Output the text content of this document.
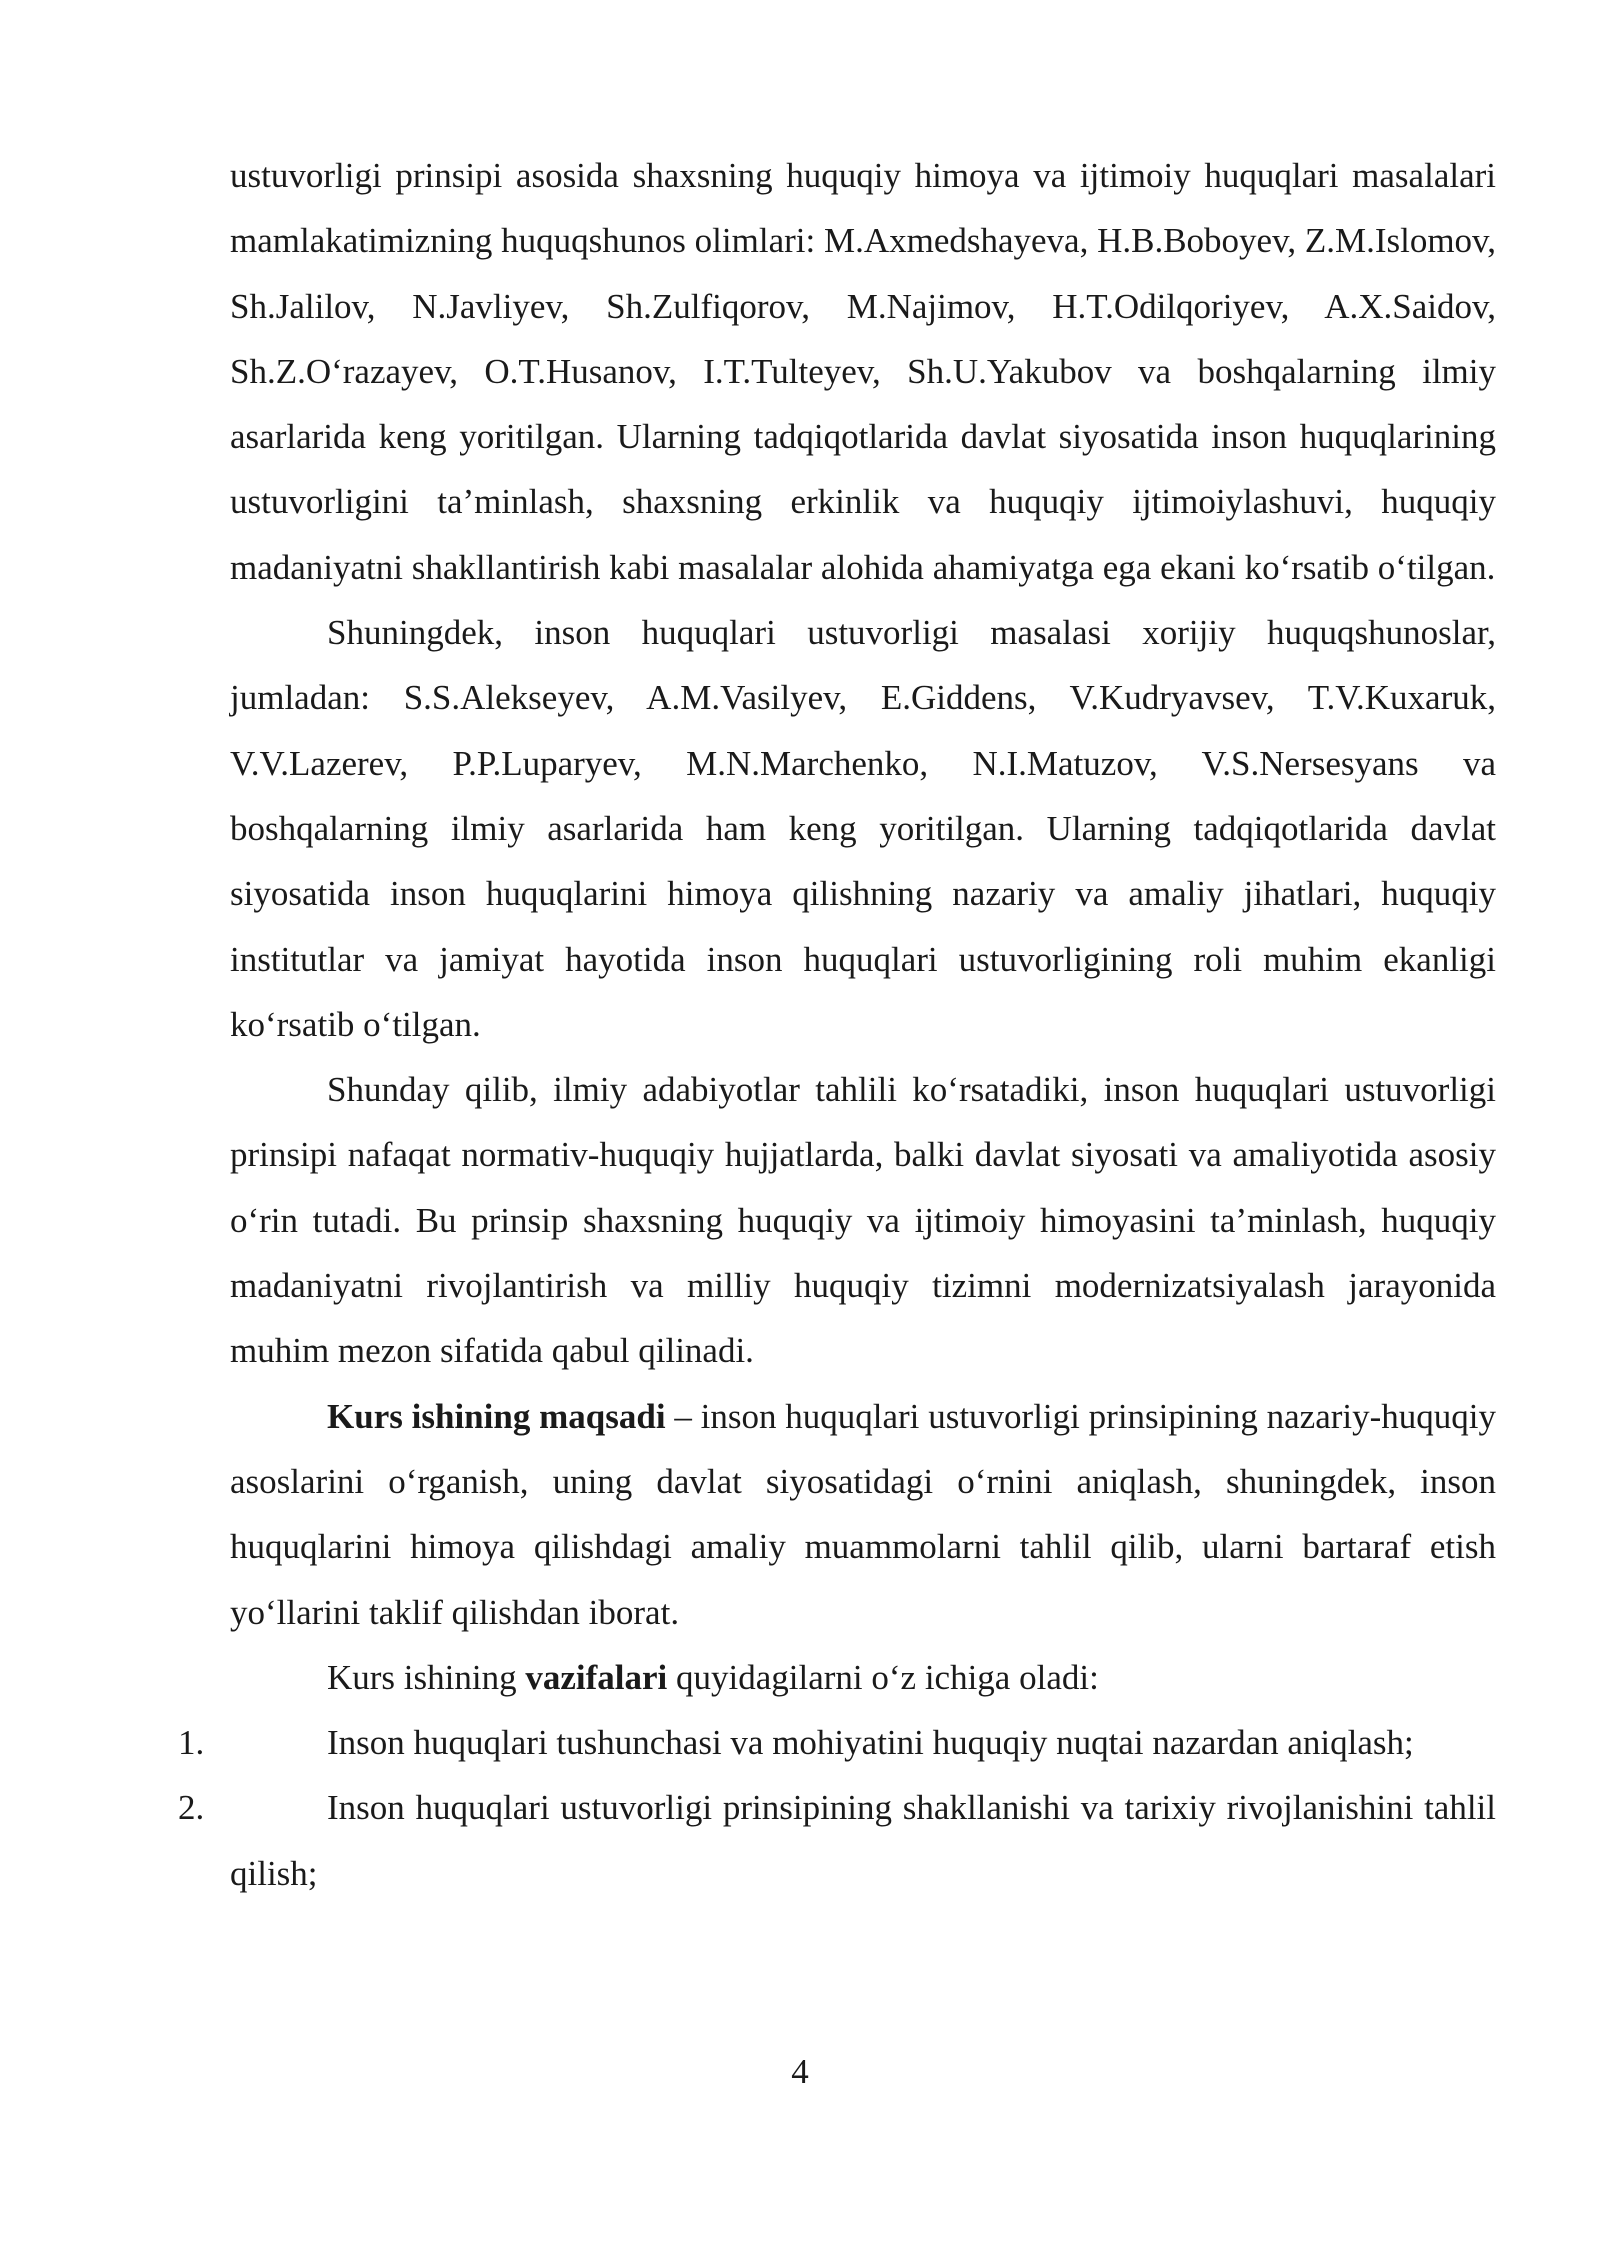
ustuvorligi prinsipi asosida shaxsning huquqiy himoya va ijtimoiy huquqlari masalalari mamlakatimizning huquqshunos olimlari: M.Axmedshayeva, H.B.Boboyev, Z.M.Islomov, Sh.Jalilov, N.Javliyev, Sh.Zulfiqorov, M.Najimov, H.T.Odilqoriyev, A.X.Saidov, Sh.Z.O‘razayev, O.T.Husanov, I.T.Tulteyev, Sh.U.Yakubov va boshqalarning ilmiy asarlarida keng yoritilgan. Ularning tadqiqotlarida davlat siyosatida inson huquqlarining ustuvorligini ta’minlash, shaxsning erkinlik va huquqiy ijtimoiylashuvi, huquqiy madaniyatni shakllantirish kabi masalalar alohida ahamiyatga ega ekani ko‘rsatib o‘tilgan.

Shuningdek, inson huquqlari ustuvorligi masalasi xorijiy huquqshunoslar, jumladan: S.S.Alekseyev, A.M.Vasilyev, E.Giddens, V.Kudryavsev, T.V.Kuxaruk, V.V.Lazerev, P.P.Luparyev, M.N.Marchenko, N.I.Matuzov, V.S.Nersesyans va boshqalarning ilmiy asarlarida ham keng yoritilgan. Ularning tadqiqotlarida davlat siyosatida inson huquqlarini himoya qilishning nazariy va amaliy jihatlari, huquqiy institutlar va jamiyat hayotida inson huquqlari ustuvorligining roli muhim ekanligi ko‘rsatib o‘tilgan.

Shunday qilib, ilmiy adabiyotlar tahlili ko‘rsatadiki, inson huquqlari ustuvorligi prinsipi nafaqat normativ-huquqiy hujjatlarda, balki davlat siyosati va amaliyotida asosiy o‘rin tutadi. Bu prinsip shaxsning huquqiy va ijtimoiy himoyasini ta’minlash, huquqiy madaniyatni rivojlantirish va milliy huquqiy tizimni modernizatsiyalash jarayonida muhim mezon sifatida qabul qilinadi.

Kurs ishining maqsadi – inson huquqlari ustuvorligi prinsipining nazariy-huquqiy asoslarini o‘rganish, uning davlat siyosatidagi o‘rnini aniqlash, shuningdek, inson huquqlarini himoya qilishdagi amaliy muammolarni tahlil qilib, ularni bartaraf etish yo‘llarini taklif qilishdan iborat.

Kurs ishining vazifalari quyidagilarni o‘z ichiga oladi:

1.	Inson huquqlari tushunchasi va mohiyatini huquqiy nuqtai nazardan aniqlash;

2.	Inson huquqlari ustuvorligi prinsipining shakllanishi va tarixiy rivojlanishini tahlil qilish;

4
